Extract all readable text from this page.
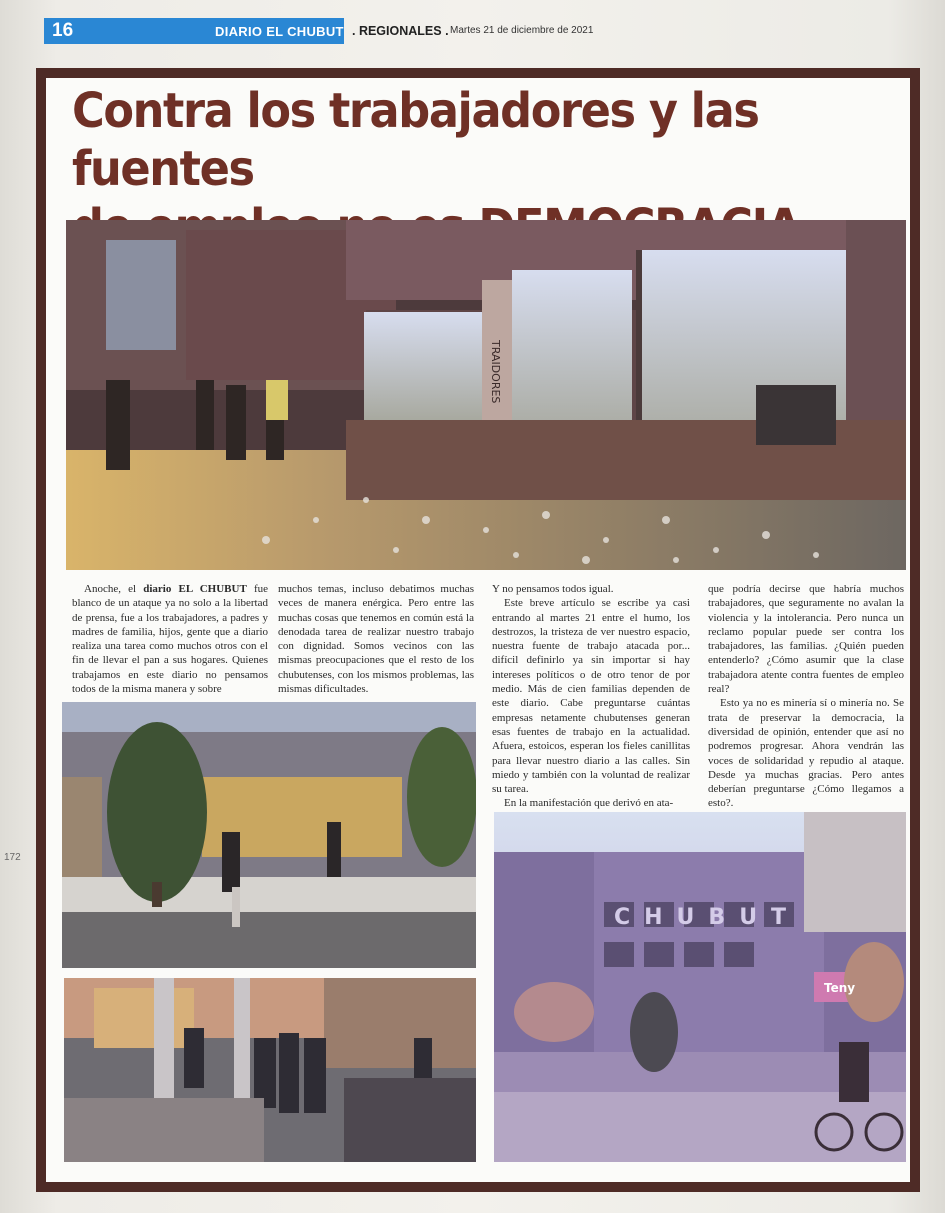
16	DIARIO EL CHUBUT . REGIONALES . Martes 21 de diciembre de 2021
172
Contra los trabajadores y las fuentes
TRAIDORES

Anoche, el diario EL CHUBUT fue blanco de un ataque ya no solo a la libertad de prensa, fue a los trabajadores, a padres y madres de familia, hijos, gente que a diario realiza una tarea como muchos otros con el fin de llevar el pan a sus hogares. Quienes trabajamos en este diario no pensamos todos de la misma manera y sobre

muchos temas, incluso debatimos muchas veces de manera enérgica. Pero entre las muchas cosas que tenemos en común está la denodada tarea de realizar nuestro trabajo con dignidad. Somos vecinos con las mismas preocupaciones que el resto de los chubutenses, con los mismos problemas, las mismas dificultades.

Y no pensamos todos igual.

Este breve artículo se escribe ya casi entrando al martes 21 entre el humo, los destrozos, la tristeza de ver nuestro espacio, nuestra fuente de trabajo atacada por... difícil definirlo ya sin importar si hay intereses políticos o de otro tenor de por medio. Más de cien familias dependen de este diario. Cabe preguntarse cuántas empresas netamente chubutenses generan esas fuentes de trabajo en la actualidad. Afuera, estoicos, esperan los fieles canillitas para llevar nuestro diario a las calles. Sin miedo y también con la voluntad de realizar su tarea.

En la manifestación que derivó en ata-

que podría decirse que habría muchos trabajadores, que seguramente no avalan la violencia y la intolerancia. Pero nunca un reclamo popular puede ser contra los trabajadores, las familias. ¿Quién pueden entenderlo? ¿Cómo asumir que la clase trabajadora atente contra fuentes de empleo real?

Esto ya no es minería sí o minería no. Se trata de preservar la democracia, la diversidad de opinión, entender que así no podremos progresar. Ahora vendrán las voces de solidaridad y repudio al ataque. Desde ya muchas gracias. Pero antes deberían preguntarse ¿Cómo llegamos a esto?.

CHUBUT
Teny
